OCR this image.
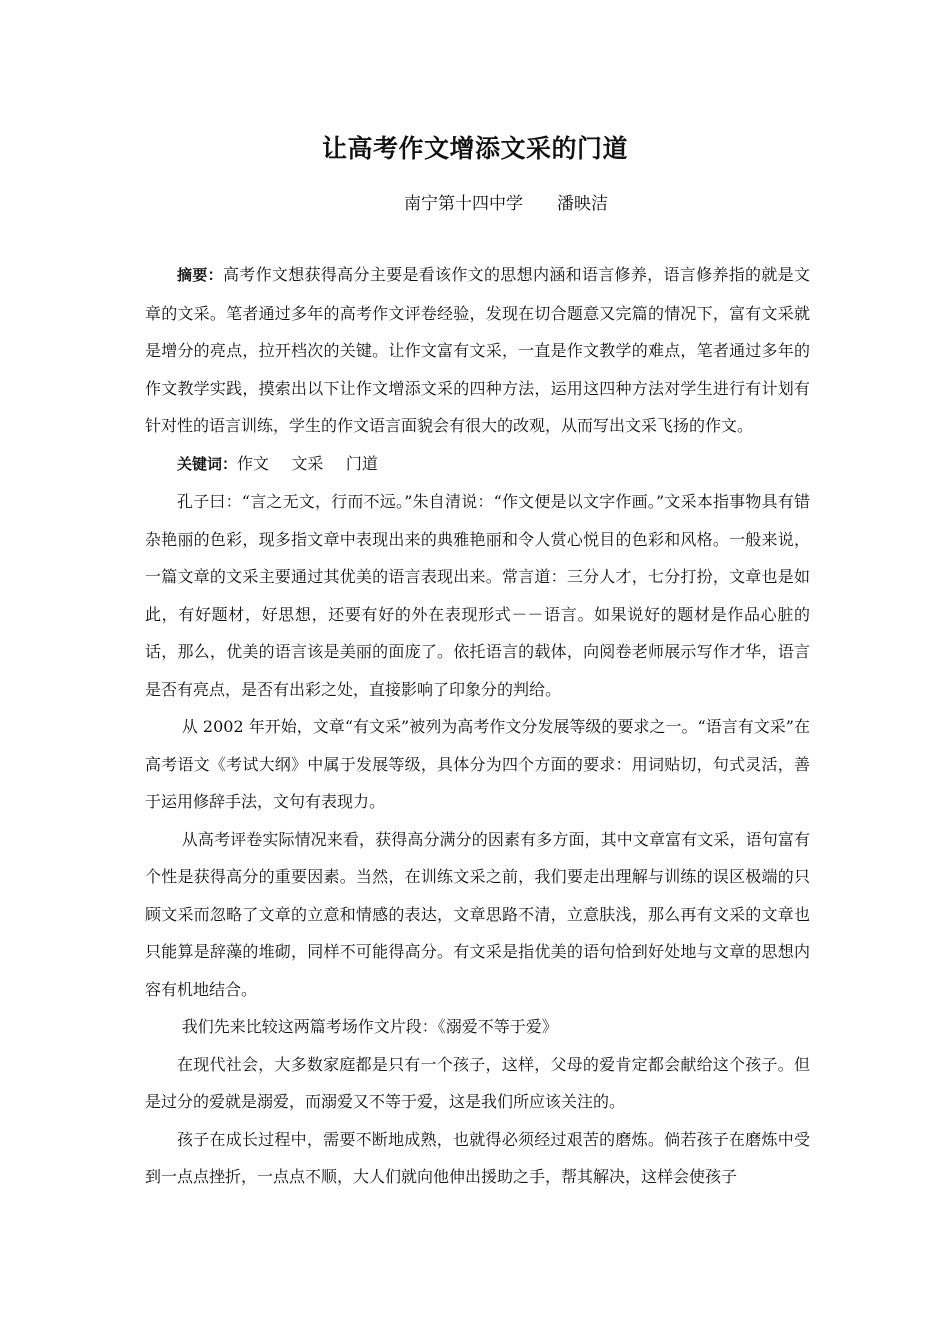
让高考作文增添文采的门道
南宁第十四中学　　潘映洁

摘要：高考作文想获得高分主要是看该作文的思想内涵和语言修养，语言修养指的就是文章的文采。笔者通过多年的高考作文评卷经验，发现在切合题意又完篇的情况下，富有文采就是增分的亮点，拉开档次的关键。让作文富有文采，一直是作文教学的难点，笔者通过多年的作文教学实践，摸索出以下让作文增添文采的四种方法，运用这四种方法对学生进行有计划有针对性的语言训练，学生的作文语言面貌会有很大的改观，从而写出文采飞扬的作文。

关键词：作文 文采 门道

孔子曰：“言之无文，行而不远。”朱自清说：“作文便是以文字作画。”文采本指事物具有错杂艳丽的色彩，现多指文章中表现出来的典雅艳丽和令人赏心悦目的色彩和风格。一般来说，一篇文章的文采主要通过其优美的语言表现出来。常言道：三分人才，七分打扮，文章也是如此，有好题材，好思想，还要有好的外在表现形式－－语言。如果说好的题材是作品心脏的话，那么，优美的语言该是美丽的面庞了。依托语言的载体，向阅卷老师展示写作才华，语言是否有亮点，是否有出彩之处，直接影响了印象分的判给。

从 2002 年开始，文章“有文采”被列为高考作文分发展等级的要求之一。“语言有文采”在高考语文《考试大纲》中属于发展等级，具体分为四个方面的要求：用词贴切，句式灵活，善于运用修辞手法，文句有表现力。

从高考评卷实际情况来看，获得高分满分的因素有多方面，其中文章富有文采，语句富有个性是获得高分的重要因素。当然，在训练文采之前，我们要走出理解与训练的误区极端的只顾文采而忽略了文章的立意和情感的表达，文章思路不清，立意肤浅，那么再有文采的文章也只能算是辞藻的堆砌，同样不可能得高分。有文采是指优美的语句恰到好处地与文章的思想内容有机地结合。

我们先来比较这两篇考场作文片段：《溺爱不等于爱》

在现代社会，大多数家庭都是只有一个孩子，这样，父母的爱肯定都会献给这个孩子。但是过分的爱就是溺爱，而溺爱又不等于爱，这是我们所应该关注的。

孩子在成长过程中，需要不断地成熟，也就得必须经过艰苦的磨炼。倘若孩子在磨炼中受到一点点挫折，一点点不顺，大人们就向他伸出援助之手，帮其解决，这样会使孩子
